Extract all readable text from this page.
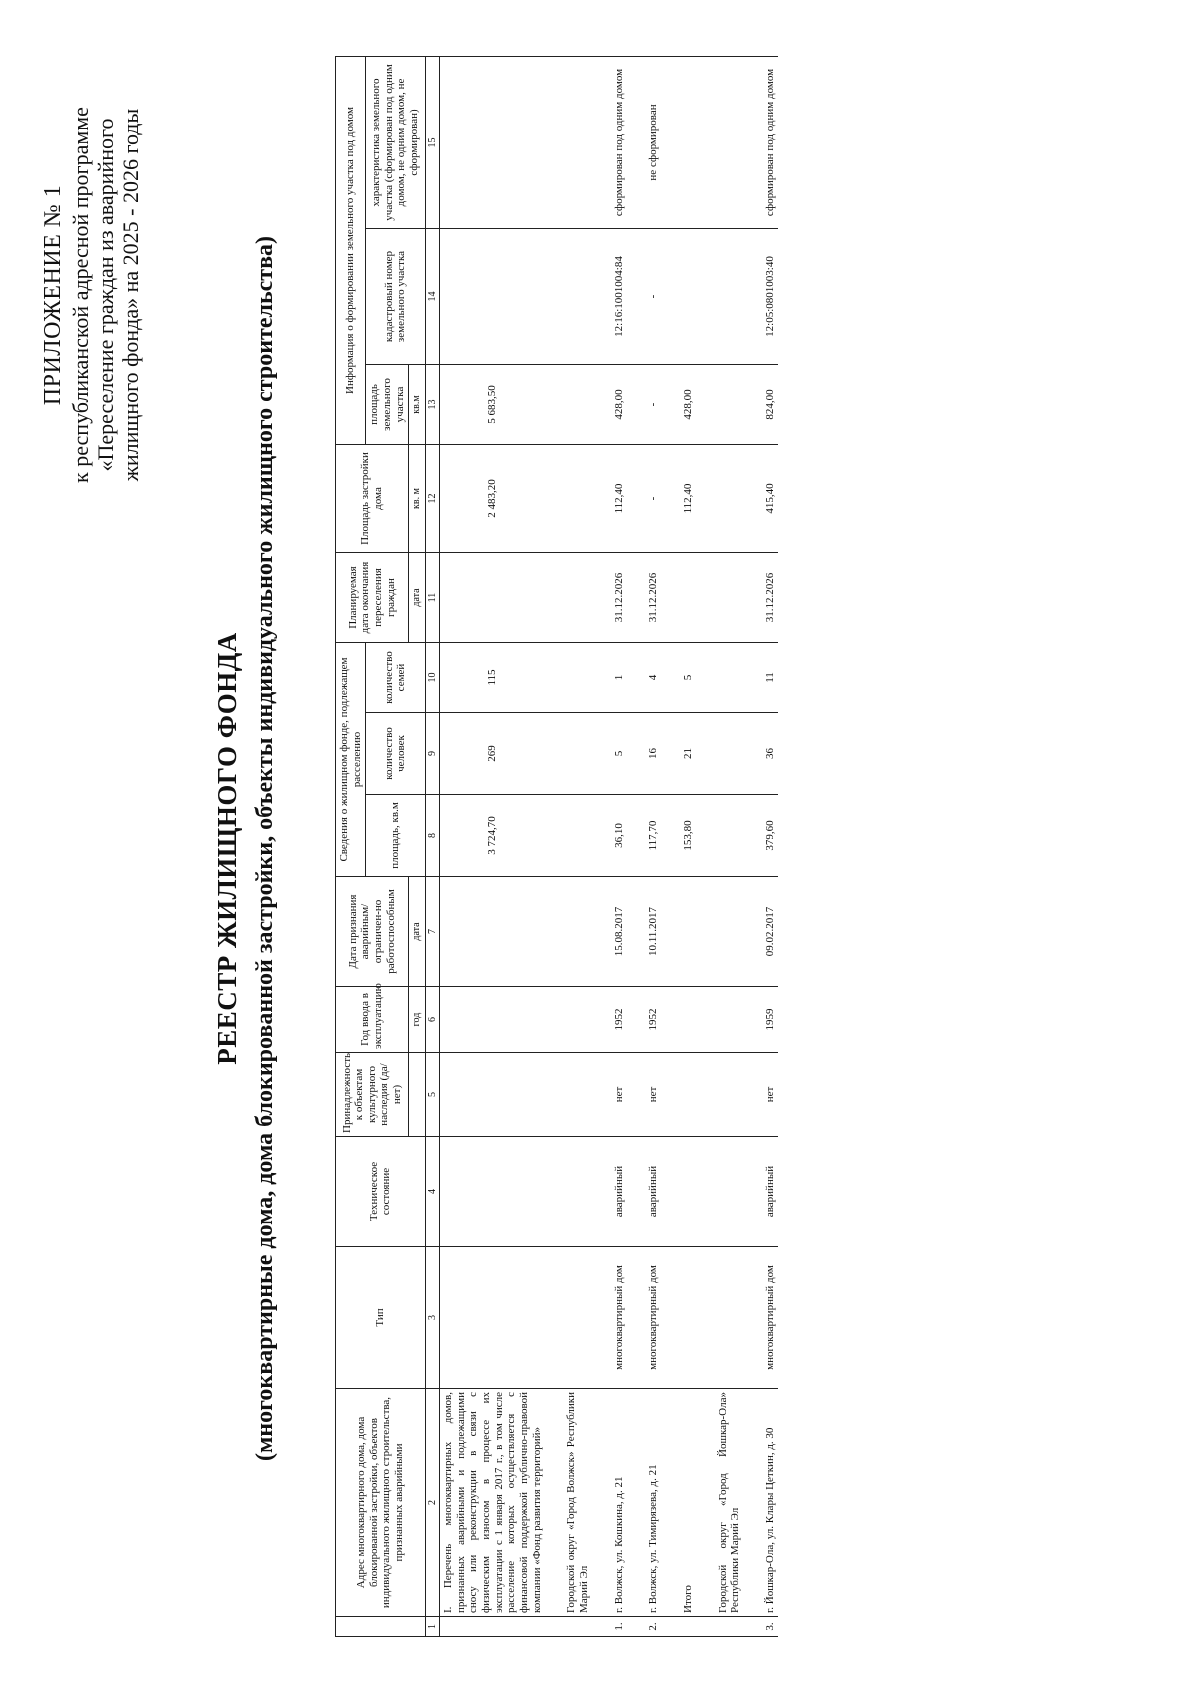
ПРИЛОЖЕНИЕ № 1 к республиканской адресной программе «Переселение граждан из аварийного жилищного фонда» на 2025 - 2026 годы
РЕЕСТР ЖИЛИЩНОГО ФОНДА (многоквартирные дома, дома блокированной застройки, объекты индивидуального жилищного строительства)
	Адрес многоквартирного дома, дома блокированной застройки, объектов индивидуального жилищного строительства, признанных аварийными	Тип	Техническое состояние	Принадлежность к объектам культурного наследия (да/нет)	Год ввода в эксплуатацию	Дата признания аварийным/ограничен-но работоспособным	Сведения о жилищном фонде, подлежащем расселению			Планируемая дата окончания переселения граждан	Площадь застройки дома	Информация о формировании земельного участка под домом		
							площадь, кв.м	количество человек	количество семей			площадь земельного участка	кадастровый номер земельного участка	характеристика земельного участка (сформирован под одним домом, не одним домом, не сформирован)
					год	дата				дата	кв. м	кв.м		
1	2	3	4	5	6	7	8	9	10	11	12	13	14	15
	I. Перечень многоквартирных домов, признанных аварийными и подлежащими сносу или реконструкции в связи с физическим износом в процессе их эксплуатации с 1 января 2017 г., в том числе расселение которых осуществляется с финансовой поддержкой публично-правовой компании «Фонд развития территорий»						3 724,70	269	115		2 483,20	5 683,50		

	Городской округ «Город Волжск» Республики Марий Эл													

1.	г. Волжск, ул. Кошкина, д. 21	многоквартирный дом	аварийный	нет	1952	15.08.2017	36,10	5	1	31.12.2026	112,40	428,00	12:16:1001004:84	сформирован под одним домом

2.	г. Волжск, ул. Тимирязева, д. 21	многоквартирный дом	аварийный	нет	1952	10.11.2017	117,70	16	4	31.12.2026	-	-	-	не сформирован

	Итого						153,80	21	5		112,40	428,00		

	Городской округ «Город Йошкар-Ола» Республики Марий Эл													

3.	г. Йошкар-Ола, ул. Клары Цеткин, д. 30	многоквартирный дом	аварийный	нет	1959	09.02.2017	379,60	36	11	31.12.2026	415,40	824,00	12:05:0801003:40	сформирован под одним домом
